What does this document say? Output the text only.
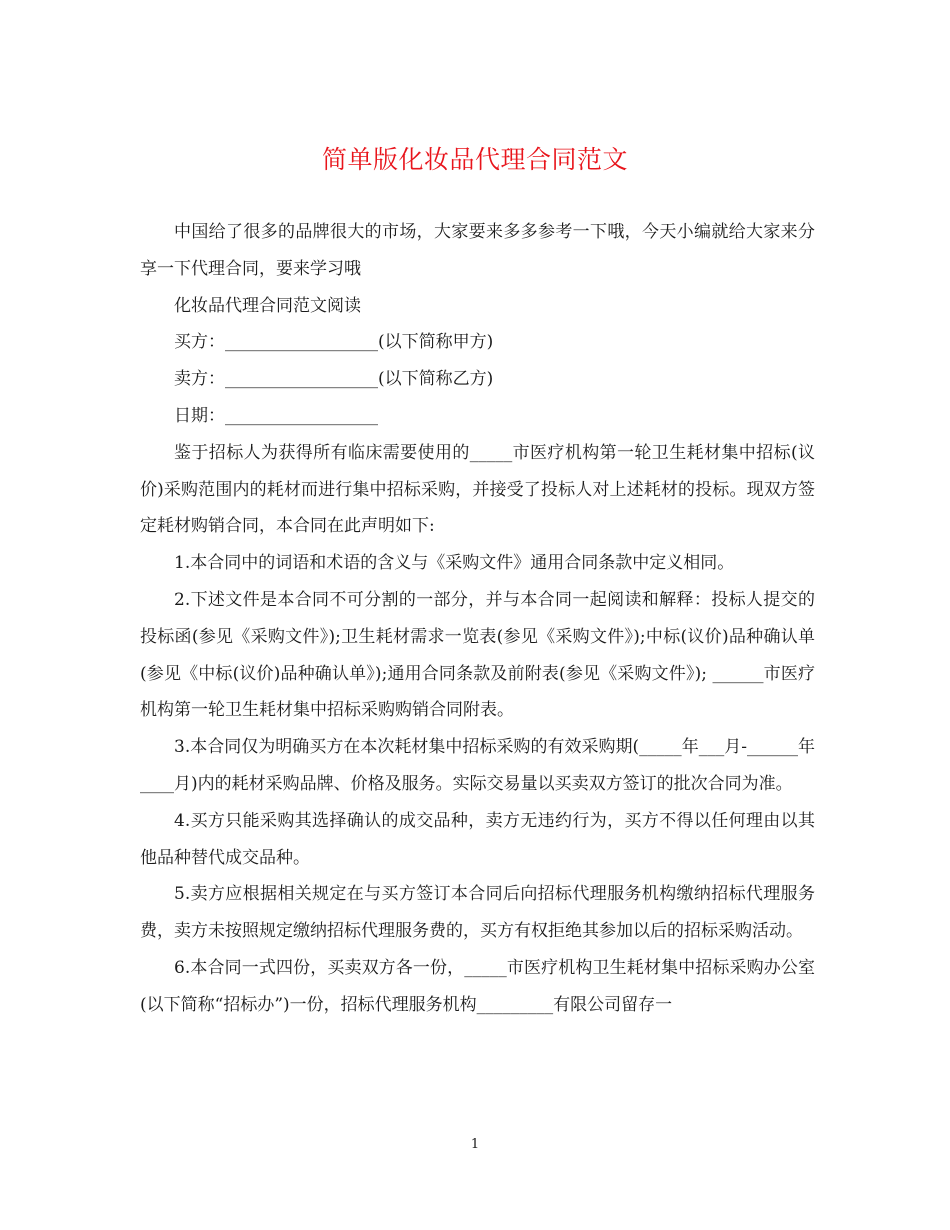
简单版化妆品代理合同范文

中国给了很多的品牌很大的市场，大家要来多多参考一下哦，今天小编就给大家来分享一下代理合同，要来学习哦

化妆品代理合同范文阅读

买方：__________________(以下简称甲方)

卖方：__________________(以下简称乙方)

日期：__________________

鉴于招标人为获得所有临床需要使用的_____市医疗机构第一轮卫生耗材集中招标(议价)采购范围内的耗材而进行集中招标采购，并接受了投标人对上述耗材的投标。现双方签定耗材购销合同，本合同在此声明如下:

1.本合同中的词语和术语的含义与《采购文件》通用合同条款中定义相同。

2.下述文件是本合同不可分割的一部分，并与本合同一起阅读和解释：投标人提交的投标函(参见《采购文件》);卫生耗材需求一览表(参见《采购文件》);中标(议价)品种确认单(参见《中标(议价)品种确认单》);通用合同条款及前附表(参见《采购文件》); ______市医疗机构第一轮卫生耗材集中招标采购购销合同附表。

3.本合同仅为明确买方在本次耗材集中招标采购的有效采购期(_____年___月-______年____月)内的耗材采购品牌、价格及服务。实际交易量以买卖双方签订的批次合同为准。

4.买方只能采购其选择确认的成交品种，卖方无违约行为，买方不得以任何理由以其他品种替代成交品种。

5.卖方应根据相关规定在与买方签订本合同后向招标代理服务机构缴纳招标代理服务费，卖方未按照规定缴纳招标代理服务费的，买方有权拒绝其参加以后的招标采购活动。

6.本合同一式四份，买卖双方各一份，_____市医疗机构卫生耗材集中招标采购办公室(以下简称“招标办”)一份，招标代理服务机构_________有限公司留存一

1
